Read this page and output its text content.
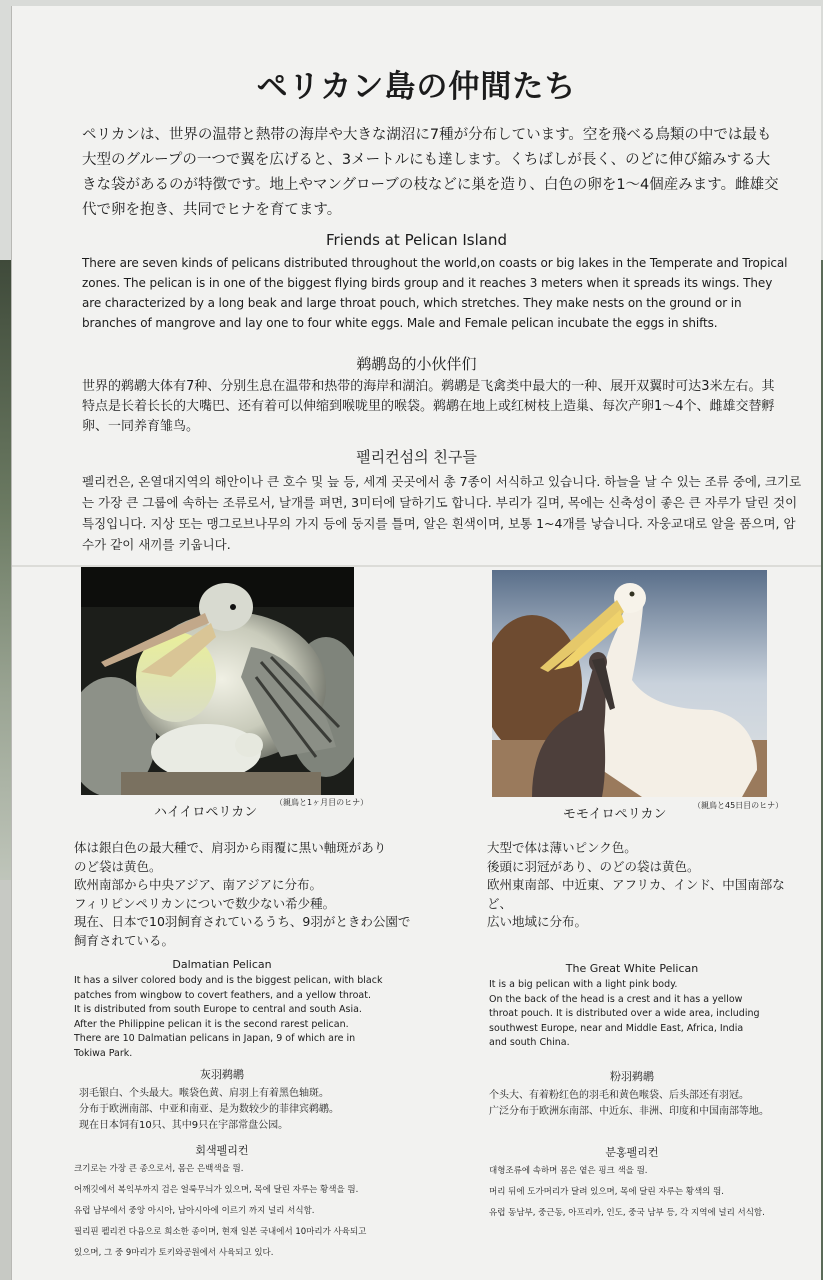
ペリカン島の仲間たち

ペリカンは、世界の温帯と熱帯の海岸や大きな湖沼に7種が分布しています。空を飛べる鳥類の中では最も大型のグループの一つで翼を広げると、3メートルにも達します。くちばしが長く、のどに伸び縮みする大きな袋があるのが特徴です。地上やマングローブの枝などに巣を造り、白色の卵を1～4個産みます。雌雄交代で卵を抱き、共同でヒナを育てます。

Friends at Pelican Island

There are seven kinds of pelicans distributed throughout the world,on coasts or big lakes in the Temperate and Tropical zones. The pelican is in one of the biggest flying birds group and it reaches 3 meters when it spreads its wings. They are characterized by a long beak and large throat pouch, which stretches. They make nests on the ground or in branches of mangrove and lay one to four white eggs. Male and Female pelican incubate the eggs in shifts.

鹈鹕岛的小伙伴们

世界的鹈鹕大体有7种、分别生息在温带和热带的海岸和湖泊。鹈鹕是飞禽类中最大的一种、展开双翼时可达3米左右。其特点是长着长长的大嘴巴、还有着可以伸缩到喉咙里的喉袋。鹈鹕在地上或红树枝上造巢、每次产卵1～4个、雌雄交替孵卵、一同养育雏鸟。

펠리컨섬의 친구들

펠리컨은, 온열대지역의 해안이나 큰 호수 및 늪 등, 세계 곳곳에서 총 7종이 서식하고 있습니다. 하늘을 날 수 있는 조류 중에, 크기로는 가장 큰 그룹에 속하는 조류로서, 날개를 펴면, 3미터에 달하기도 합니다. 부리가 길며, 목에는 신축성이 좋은 큰 자루가 달린 것이 특징입니다. 지상 또는 맹그로브나무의 가지 등에 둥지를 틀며, 알은 흰색이며, 보통 1~4개를 낳습니다. 자웅교대로 알을 품으며, 암수가 같이 새끼를 키웁니다.

ハイイロペリカン
（親鳥と1ヶ月目のヒナ）
モモイロペリカン
（親鳥と45日目のヒナ）
体は銀白色の最大種で、肩羽から雨覆に黒い軸斑があり
のど袋は黄色。
欧州南部から中央アジア、南アジアに分布。
フィリピンペリカンについで数少ない希少種。
現在、日本で10羽飼育されているうち、9羽がときわ公園で
飼育されている。
Dalmatian Pelican
It has a silver colored body and is the biggest pelican, with black
patches from wingbow to covert feathers, and a yellow throat.
It is distributed from south Europe to central and south Asia.
After the Philippine pelican it is the second rarest pelican.
There are 10 Dalmatian pelicans in Japan, 9 of which are in
Tokiwa Park.
灰羽鹈鹕
羽毛银白、个头最大。喉袋色黄、肩羽上有着黑色轴斑。
分布于欧洲南部、中亚和南亚、是为数较少的菲律宾鹈鹕。
现在日本饲有10只、其中9只在宇部常盘公园。
회색펠리컨
크기로는 가장 큰 종으로서, 몸은 은백색을 띔.
어깨깃에서 복익부까지 검은 얼룩무늬가 있으며, 목에 달린 자루는 황색을 띔.
유럽 남부에서 중앙 아시아, 남아시아에 이르기 까지 널리 서식함.
필리핀 펠리컨 다음으로 희소한 종이며, 현재 일본 국내에서 10마리가 사육되고
있으며, 그 중 9마리가 토키와공원에서 사육되고 있다.
大型で体は薄いピンク色。
後頭に羽冠があり、のどの袋は黄色。
欧州東南部、中近東、アフリカ、インド、中国南部など、
広い地域に分布。
The Great White Pelican
It is a big pelican with a light pink body.
On the back of the head is a crest and it has a yellow
throat pouch. It is distributed over a wide area, including
southwest Europe, near and Middle East, Africa, India
and south China.
粉羽鹈鹕
个头大、有着粉红色的羽毛和黄色喉袋、后头部还有羽冠。
广泛分布于欧洲东南部、中近东、非洲、印度和中国南部等地。
분홍펠리컨
대형조류에 속하며 몸은 옅은 핑크 색을 띔.
머리 뒤에 도가머리가 달려 있으며, 목에 달린 자루는 황색의 띔.
유럽 동남부, 중근동, 아프리카, 인도, 중국 남부 등, 각 지역에 널리 서식함.
